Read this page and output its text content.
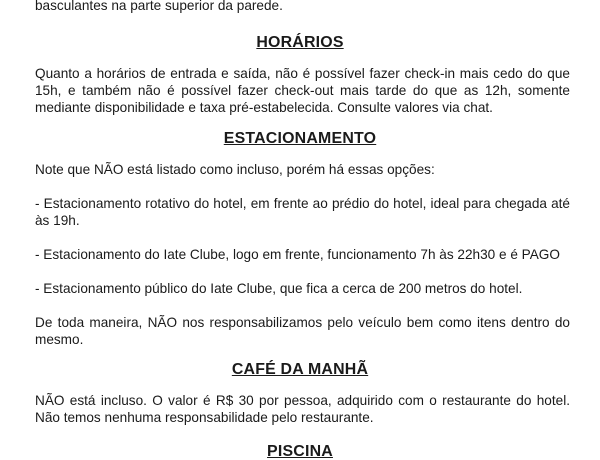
basculantes na parte superior da parede.

HORÁRIOS

Quanto a horários de entrada e saída, não é possível fazer check-in mais cedo do que 15h, e também não é possível fazer check-out mais tarde do que as 12h, somente mediante disponibilidade e taxa pré-estabelecida. Consulte valores via chat.

ESTACIONAMENTO

Note que NÃO está listado como incluso, porém há essas opções:

- Estacionamento rotativo do hotel, em frente ao prédio do hotel, ideal para chegada até às 19h.

- Estacionamento do Iate Clube, logo em frente, funcionamento 7h às 22h30 e é PAGO

- Estacionamento público do Iate Clube, que fica a cerca de 200 metros do hotel.

De toda maneira, NÃO nos responsabilizamos pelo veículo bem como itens dentro do mesmo.

CAFÉ DA MANHÃ

NÃO está incluso. O valor é R$ 30 por pessoa, adquirido com o restaurante do hotel. Não temos nenhuma responsabilidade pelo restaurante.

PISCINA
